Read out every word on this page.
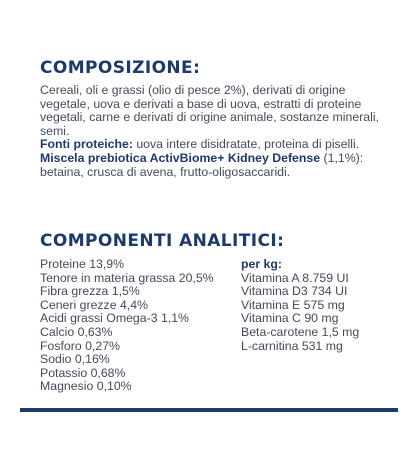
COMPOSIZIONE:

Cereali, oli e grassi (olio di pesce 2%), derivati di origine vegetale, uova e derivati a base di uova, estratti di proteine vegetali, carne e derivati di origine animale, sostanze minerali, semi.

Fonti proteiche: uova intere disidratate, proteina di piselli.

Miscela prebiotica ActivBiome+ Kidney Defense (1,1%): betaina, crusca di avena, frutto-oligosaccaridi.

COMPONENTI ANALITICI:
Proteine 13,9%
Tenore in materia grassa 20,5%
Fibra grezza 1,5%
Ceneri grezze 4,4%
Acidi grassi Omega-3 1,1%
Calcio 0,63%
Fosforo 0,27%
Sodio 0,16%
Potassio 0,68%
Magnesio 0,10%
per kg:
Vitamina A 8.759 UI
Vitamina D3 734 UI
Vitamina E 575 mg
Vitamina C 90 mg
Beta-carotene 1,5 mg
L-carnitina 531 mg
